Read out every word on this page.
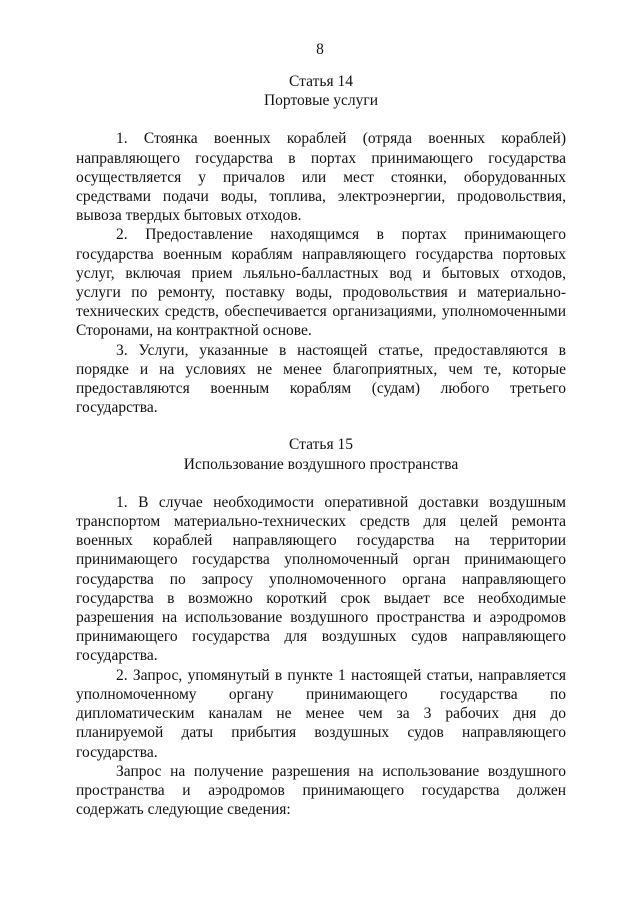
8
Статья 14
Портовые услуги

1. Стоянка военных кораблей (отряда военных кораблей) направляющего государства в портах принимающего государства осуществляется у причалов или мест стоянки, оборудованных средствами подачи воды, топлива, электроэнергии, продовольствия, вывоза твердых бытовых отходов.

2. Предоставление находящимся в портах принимающего государства военным кораблям направляющего государства портовых услуг, включая прием льяльно-балластных вод и бытовых отходов, услуги по ремонту, поставку воды, продовольствия и материально-технических средств, обеспечивается организациями, уполномоченными Сторонами, на контрактной основе.

3. Услуги, указанные в настоящей статье, предоставляются в порядке и на условиях не менее благоприятных, чем те, которые предоставляются военным кораблям (судам) любого третьего государства.

Статья 15
Использование воздушного пространства

1. В случае необходимости оперативной доставки воздушным транспортом материально-технических средств для целей ремонта военных кораблей направляющего государства на территории принимающего государства уполномоченный орган принимающего государства по запросу уполномоченного органа направляющего государства в возможно короткий срок выдает все необходимые разрешения на использование воздушного пространства и аэродромов принимающего государства для воздушных судов направляющего государства.

2. Запрос, упомянутый в пункте 1 настоящей статьи, направляется уполномоченному органу принимающего государства по дипломатическим каналам не менее чем за 3 рабочих дня до планируемой даты прибытия воздушных судов направляющего государства.

Запрос на получение разрешения на использование воздушного пространства и аэродромов принимающего государства должен содержать следующие сведения:
